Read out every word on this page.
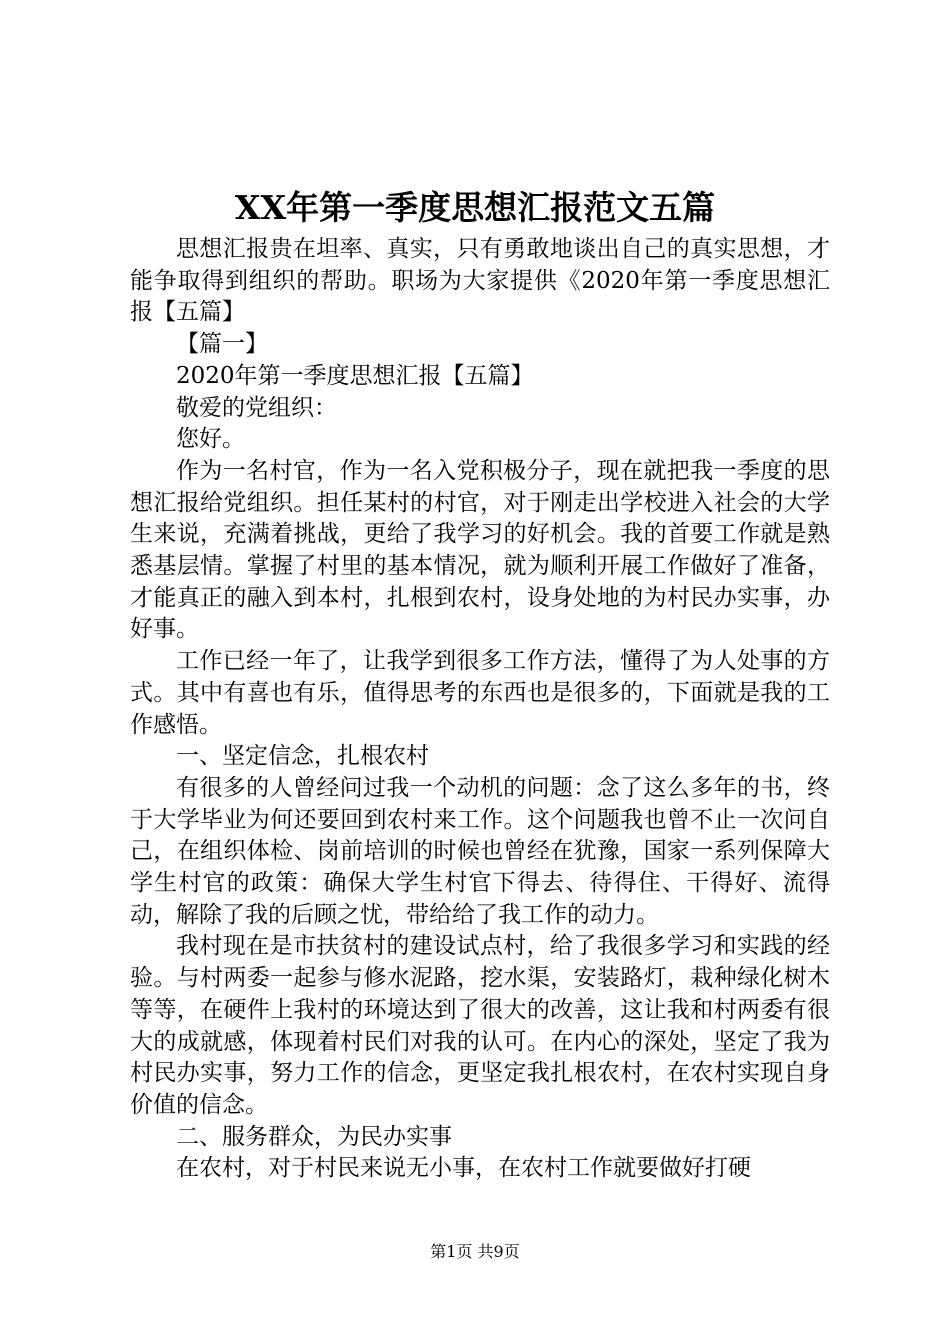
XX年第一季度思想汇报范文五篇

思想汇报贵在坦率、真实，只有勇敢地谈出自己的真实思想，才能争取得到组织的帮助。职场为大家提供《2020年第一季度思想汇报【五篇】

【篇一】

2020年第一季度思想汇报【五篇】

敬爱的党组织：

您好。

作为一名村官，作为一名入党积极分子，现在就把我一季度的思想汇报给党组织。担任某村的村官，对于刚走出学校进入社会的大学生来说，充满着挑战，更给了我学习的好机会。我的首要工作就是熟悉基层情。掌握了村里的基本情况，就为顺利开展工作做好了准备，才能真正的融入到本村，扎根到农村，设身处地的为村民办实事，办好事。

工作已经一年了，让我学到很多工作方法，懂得了为人处事的方式。其中有喜也有乐，值得思考的东西也是很多的，下面就是我的工作感悟。

一、坚定信念，扎根农村

有很多的人曾经问过我一个动机的问题：念了这么多年的书，终于大学毕业为何还要回到农村来工作。这个问题我也曾不止一次问自己，在组织体检、岗前培训的时候也曾经在犹豫，国家一系列保障大学生村官的政策：确保大学生村官下得去、待得住、干得好、流得动，解除了我的后顾之忧，带给给了我工作的动力。

我村现在是市扶贫村的建设试点村，给了我很多学习和实践的经验。与村两委一起参与修水泥路，挖水渠，安装路灯，栽种绿化树木等等，在硬件上我村的环境达到了很大的改善，这让我和村两委有很大的成就感，体现着村民们对我的认可。在内心的深处，坚定了我为村民办实事，努力工作的信念，更坚定我扎根农村，在农村实现自身价值的信念。

二、服务群众，为民办实事

在农村，对于村民来说无小事，在农村工作就要做好打硬

第1页 共9页
